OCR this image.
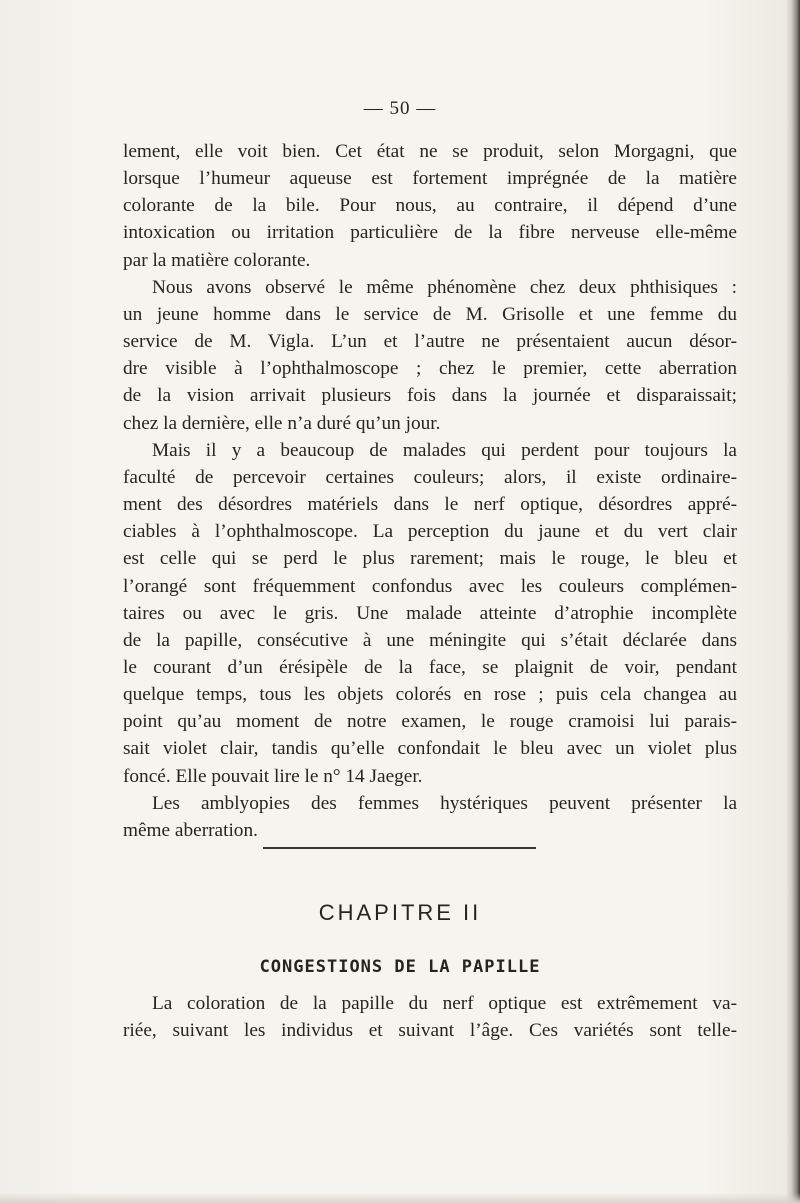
— 50 —
lement, elle voit bien. Cet état ne se produit, selon Morgagni, que
lorsque l’humeur aqueuse est fortement imprégnée de la matière
colorante de la bile. Pour nous, au contraire, il dépend d’une
intoxication ou irritation particulière de la fibre nerveuse elle-même
par la matière colorante.
Nous avons observé le même phénomène chez deux phthisiques :
un jeune homme dans le service de M. Grisolle et une femme du
service de M. Vigla. L’un et l’autre ne présentaient aucun désor-
dre visible à l’ophthalmoscope ; chez le premier, cette aberration
de la vision arrivait plusieurs fois dans la journée et disparaissait;
chez la dernière, elle n’a duré qu’un jour.
Mais il y a beaucoup de malades qui perdent pour toujours la
faculté de percevoir certaines couleurs; alors, il existe ordinaire-
ment des désordres matériels dans le nerf optique, désordres appré-
ciables à l’ophthalmoscope. La perception du jaune et du vert clair
est celle qui se perd le plus rarement; mais le rouge, le bleu et
l’orangé sont fréquemment confondus avec les couleurs complémen-
taires ou avec le gris. Une malade atteinte d’atrophie incomplète
de la papille, consécutive à une méningite qui s’était déclarée dans
le courant d’un érésipèle de la face, se plaignit de voir, pendant
quelque temps, tous les objets colorés en rose ; puis cela changea au
point qu’au moment de notre examen, le rouge cramoisi lui parais-
sait violet clair, tandis qu’elle confondait le bleu avec un violet plus
foncé. Elle pouvait lire le n° 14 Jaeger.
Les amblyopies des femmes hystériques peuvent présenter la
même aberration.
CHAPITRE II
CONGESTIONS DE LA PAPILLE
La coloration de la papille du nerf optique est extrêmement va-
riée, suivant les individus et suivant l’âge. Ces variétés sont telle-
